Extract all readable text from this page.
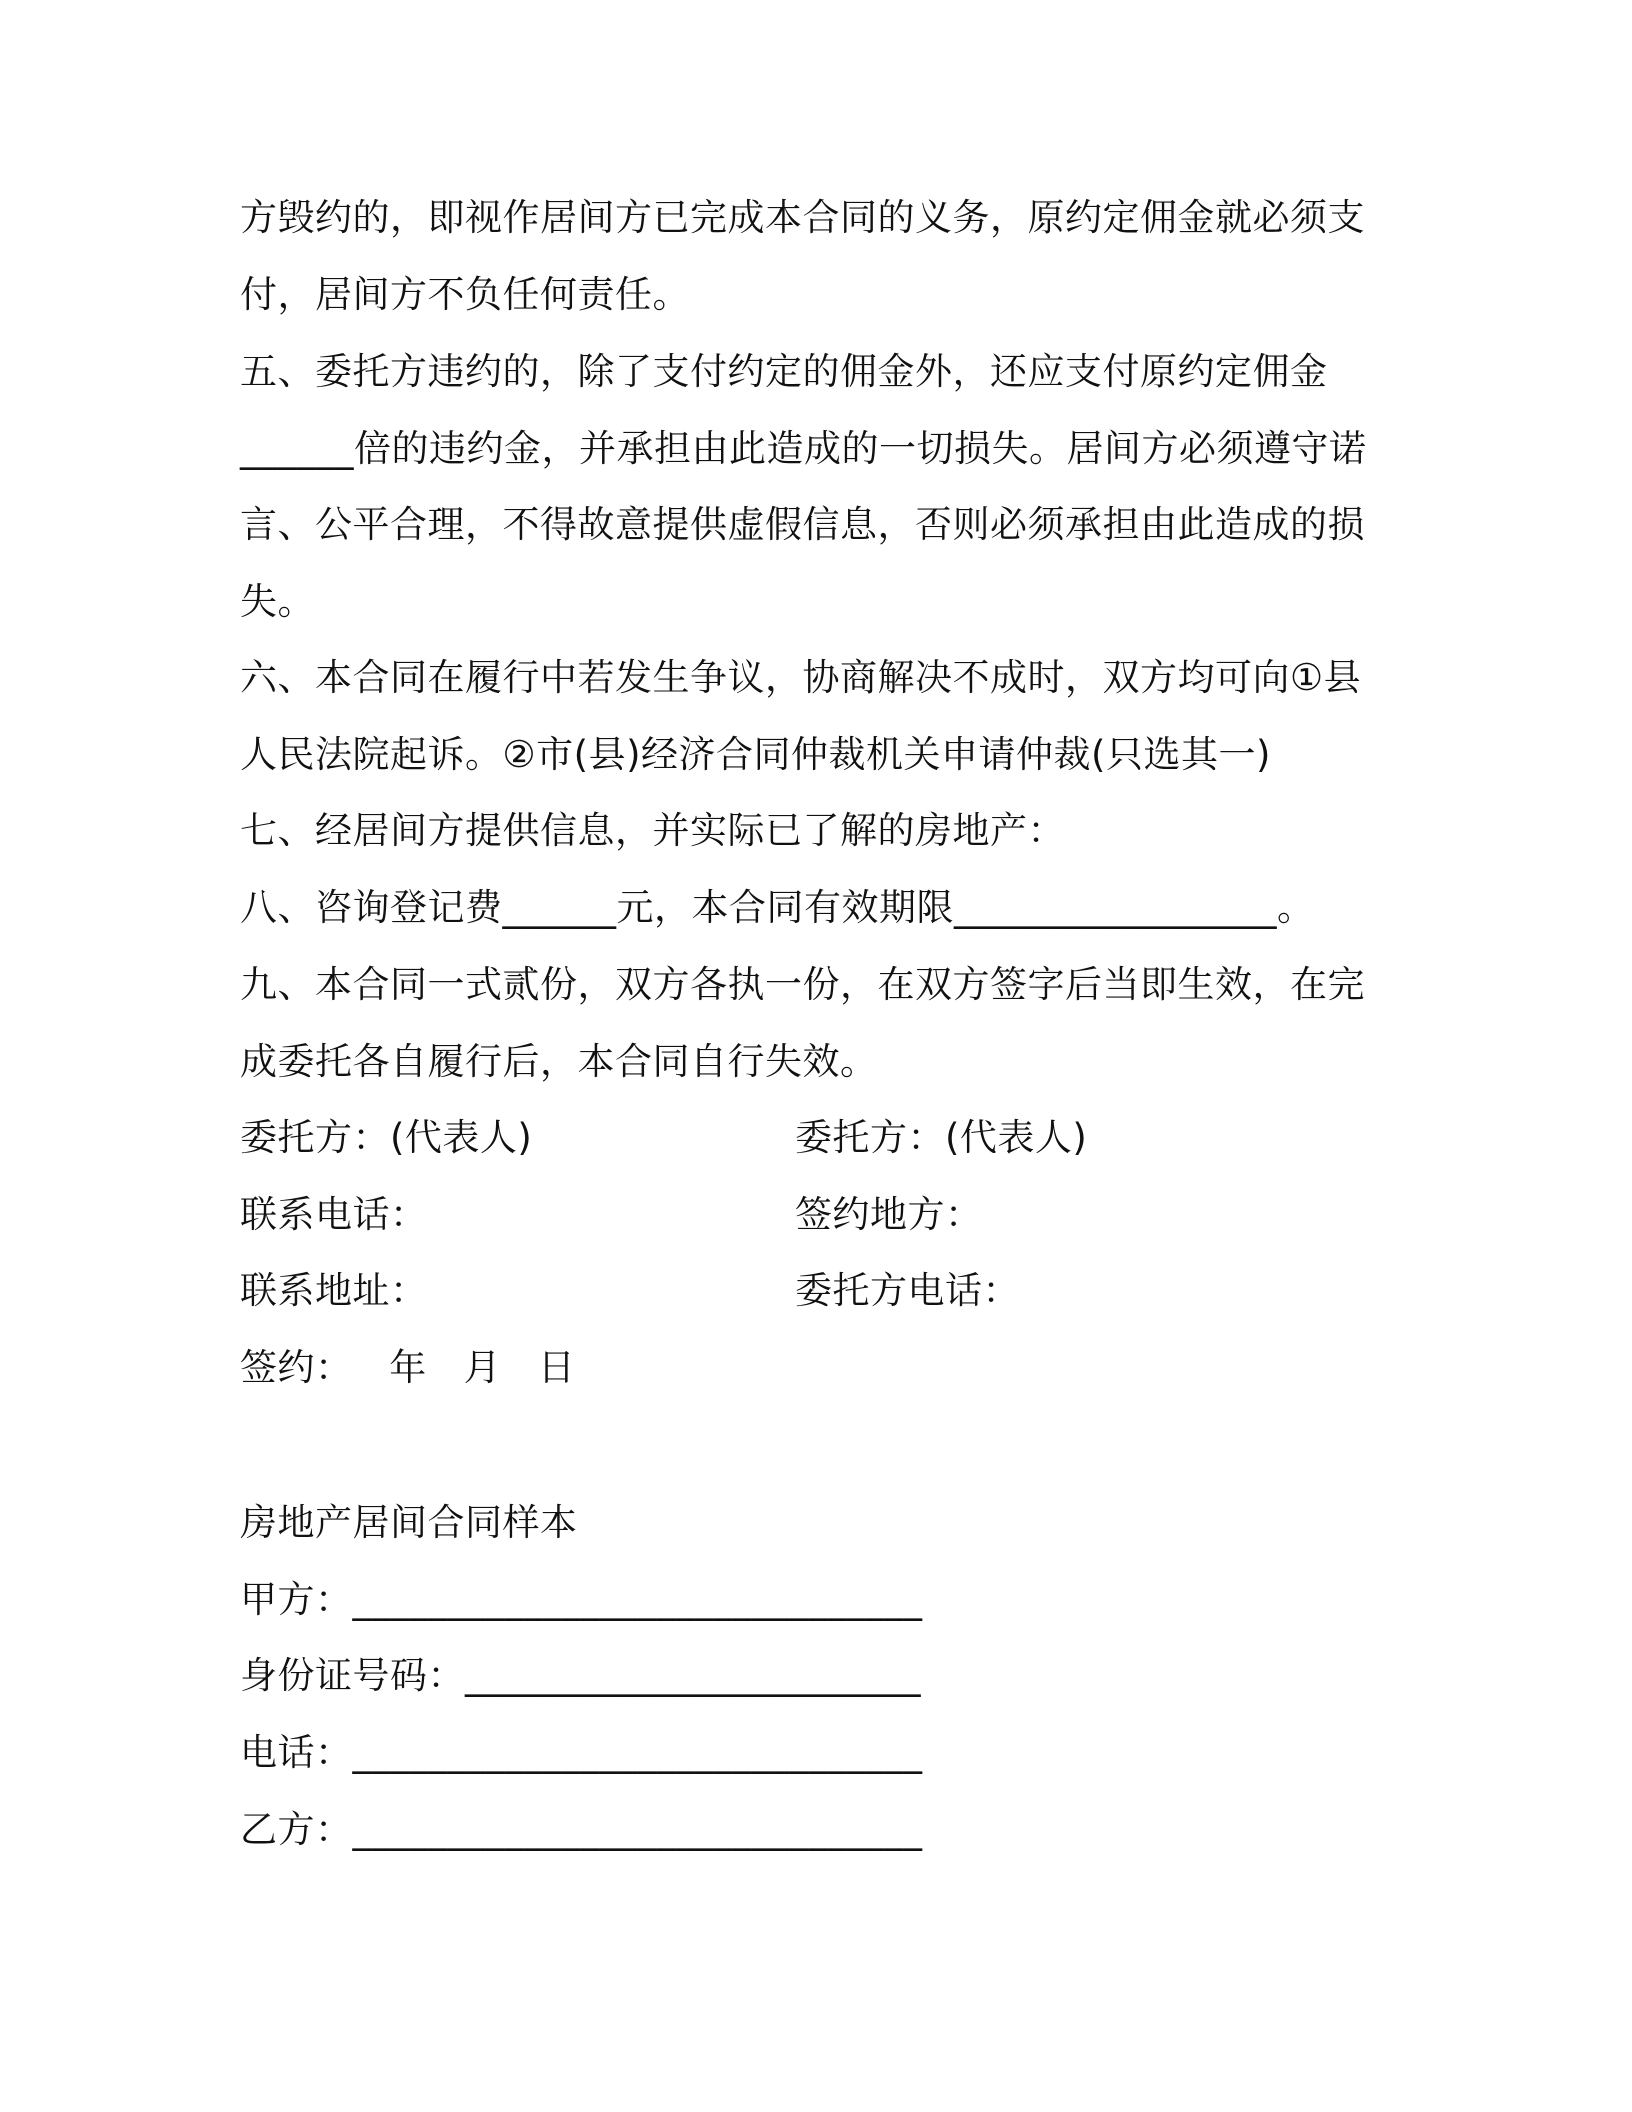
方毁约的，即视作居间方已完成本合同的义务，原约定佣金就必须支
付，居间方不负任何责任。
五、委托方违约的，除了支付约定的佣金外，还应支付原约定佣金
______倍的违约金，并承担由此造成的一切损失。居间方必须遵守诺
言、公平合理，不得故意提供虚假信息，否则必须承担由此造成的损
失。
六、本合同在履行中若发生争议，协商解决不成时，双方均可向①县
人民法院起诉。②市(县)经济合同仲裁机关申请仲裁(只选其一)
七、经居间方提供信息，并实际已了解的房地产：
八、咨询登记费______元，本合同有效期限_________________。
九、本合同一式贰份，双方各执一份，在双方签字后当即生效，在完
成委托各自履行后，本合同自行失效。
委托方：(代表人)	委托方：(代表人)
联系电话：	签约地方：
联系地址：	委托方电话：
签约：   年   月   日
房地产居间合同样本
甲方：______________________________
身份证号码：________________________
电话：______________________________
乙方：______________________________
